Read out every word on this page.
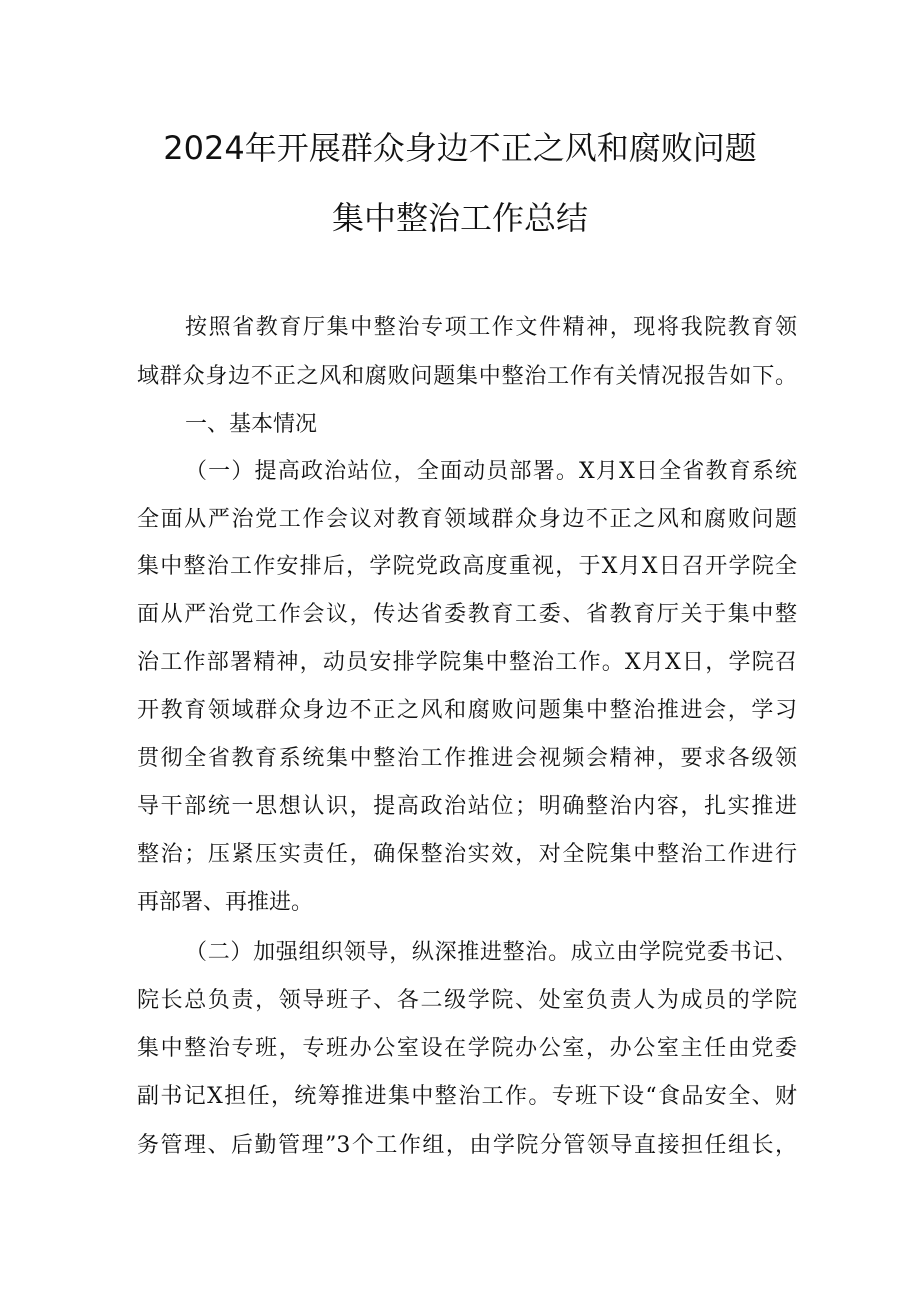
2024年开展群众身边不正之风和腐败问题
集中整治工作总结
按照省教育厅集中整治专项工作文件精神，现将我院教育领
域群众身边不正之风和腐败问题集中整治工作有关情况报告如下。
一、基本情况
（一）提高政治站位，全面动员部署。X月X日全省教育系统
全面从严治党工作会议对教育领域群众身边不正之风和腐败问题
集中整治工作安排后，学院党政高度重视，于X月X日召开学院全
面从严治党工作会议，传达省委教育工委、省教育厅关于集中整
治工作部署精神，动员安排学院集中整治工作。X月X日，学院召
开教育领域群众身边不正之风和腐败问题集中整治推进会，学习
贯彻全省教育系统集中整治工作推进会视频会精神，要求各级领
导干部统一思想认识，提高政治站位；明确整治内容，扎实推进
整治；压紧压实责任，确保整治实效，对全院集中整治工作进行
再部署、再推进。
（二）加强组织领导，纵深推进整治。成立由学院党委书记、
院长总负责，领导班子、各二级学院、处室负责人为成员的学院
集中整治专班，专班办公室设在学院办公室，办公室主任由党委
副书记X担任，统筹推进集中整治工作。专班下设“食品安全、财
务管理、后勤管理”3个工作组，由学院分管领导直接担任组长，
